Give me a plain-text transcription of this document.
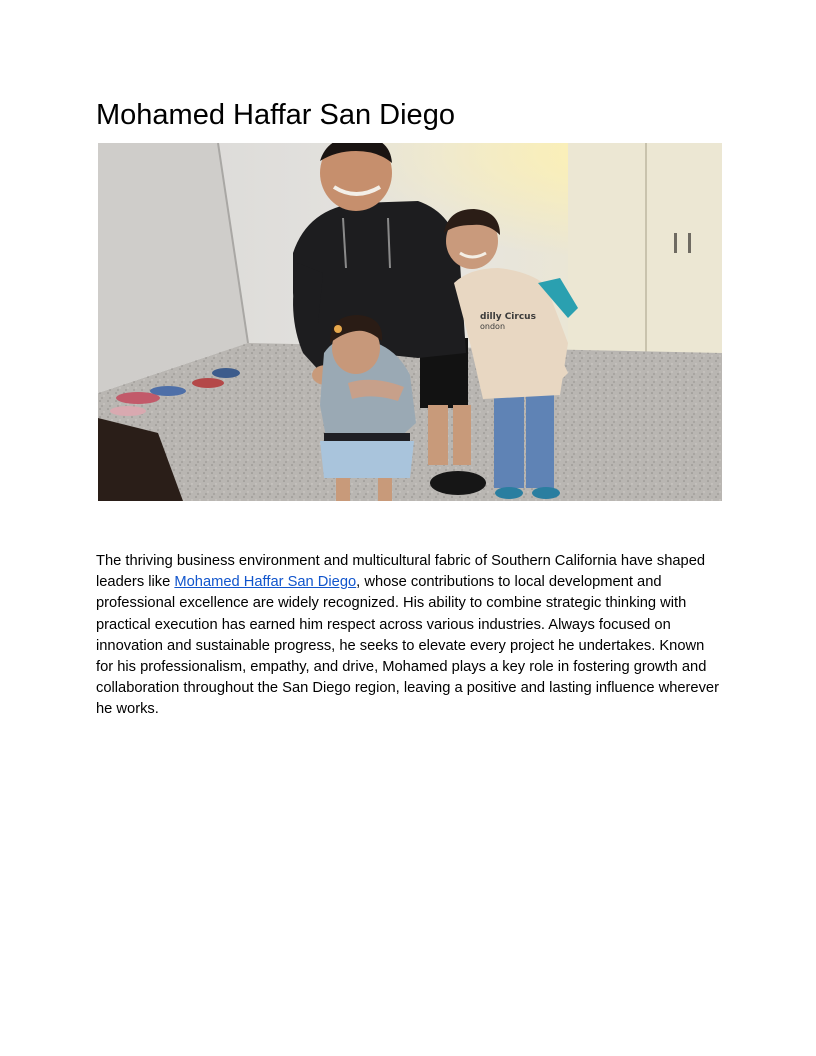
Mohamed Haffar San Diego
dilly Circus
ondon

The thriving business environment and multicultural fabric of Southern California have shaped leaders like Mohamed Haffar San Diego, whose contributions to local development and professional excellence are widely recognized. His ability to combine strategic thinking with practical execution has earned him respect across various industries. Always focused on innovation and sustainable progress, he seeks to elevate every project he undertakes. Known for his professionalism, empathy, and drive, Mohamed plays a key role in fostering growth and collaboration throughout the San Diego region, leaving a positive and lasting influence wherever he works.
